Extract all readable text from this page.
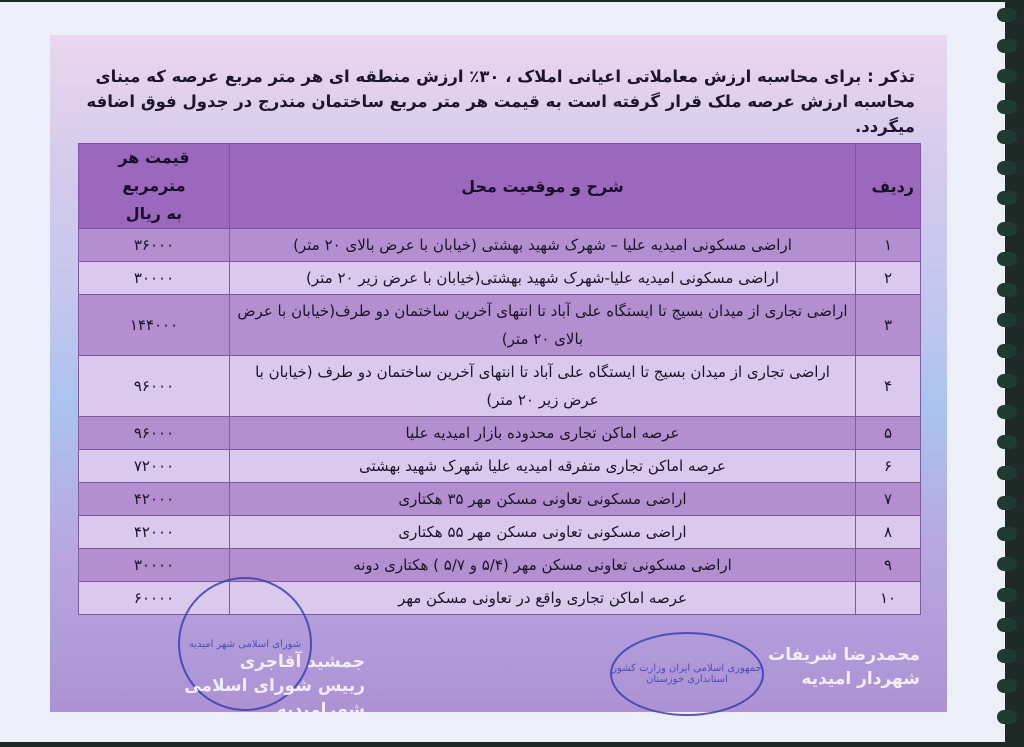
تذکر : برای محاسبه ارزش معاملاتی اعیانی املاک ، ۳۰٪ ارزش منطقه ای هر متر مربع عرصه که مبنای محاسبه ارزش عرصه ملک قرار گرفته است به قیمت هر متر مربع ساختمان مندرج در جدول فوق اضافه میگردد.
ردیف	شرح و موقعیت محل	قیمت هر مترمربع
به ریال

۱	اراضی مسکونی امیدیه علیا – شهرک شهید بهشتی (خیابان با عرض بالای ۲۰ متر)	۳۶۰۰۰
۲	اراضی مسکونی امیدیه علیا-شهرک شهید بهشتی(خیابان با عرض زیر ۲۰ متر)	۳۰۰۰۰
۳	اراضی تجاری از میدان بسیج تا ایستگاه علی آباد تا انتهای آخرین ساختمان دو طرف(خیابان با عرض بالای ۲۰ متر)	۱۴۴۰۰۰
۴	اراضی تجاری از میدان بسیج تا ایستگاه علی آباد تا انتهای آخرین ساختمان دو طرف (خیابان با عرض زیر ۲۰ متر)	۹۶۰۰۰
۵	عرصه اماکن تجاری محدوده بازار امیدیه علیا	۹۶۰۰۰
۶	عرصه اماکن تجاری متفرقه امیدیه علیا شهرک شهید بهشتی	۷۲۰۰۰
۷	اراضی مسکونی تعاونی مسکن مهر ۳۵ هکتاری	۴۲۰۰۰
۸	اراضی مسکونی تعاونی مسکن مهر ۵۵ هکتاری	۴۲۰۰۰
۹	اراضی مسکونی تعاونی مسکن مهر (۵/۴ و ۵/۷ ) هکتاری دونه	۳۰۰۰۰
۱۰	عرصه اماکن تجاری واقع در تعاونی مسکن مهر	۶۰۰۰۰
شورای اسلامی شهر امیدیه
جمهوری اسلامی ایران وزارت کشور استانداری خوزستان
محمدرضا شریفات
شهردار امیدیه
جمشید آقاجری
رییس شورای اسلامی شهرامیدیه
